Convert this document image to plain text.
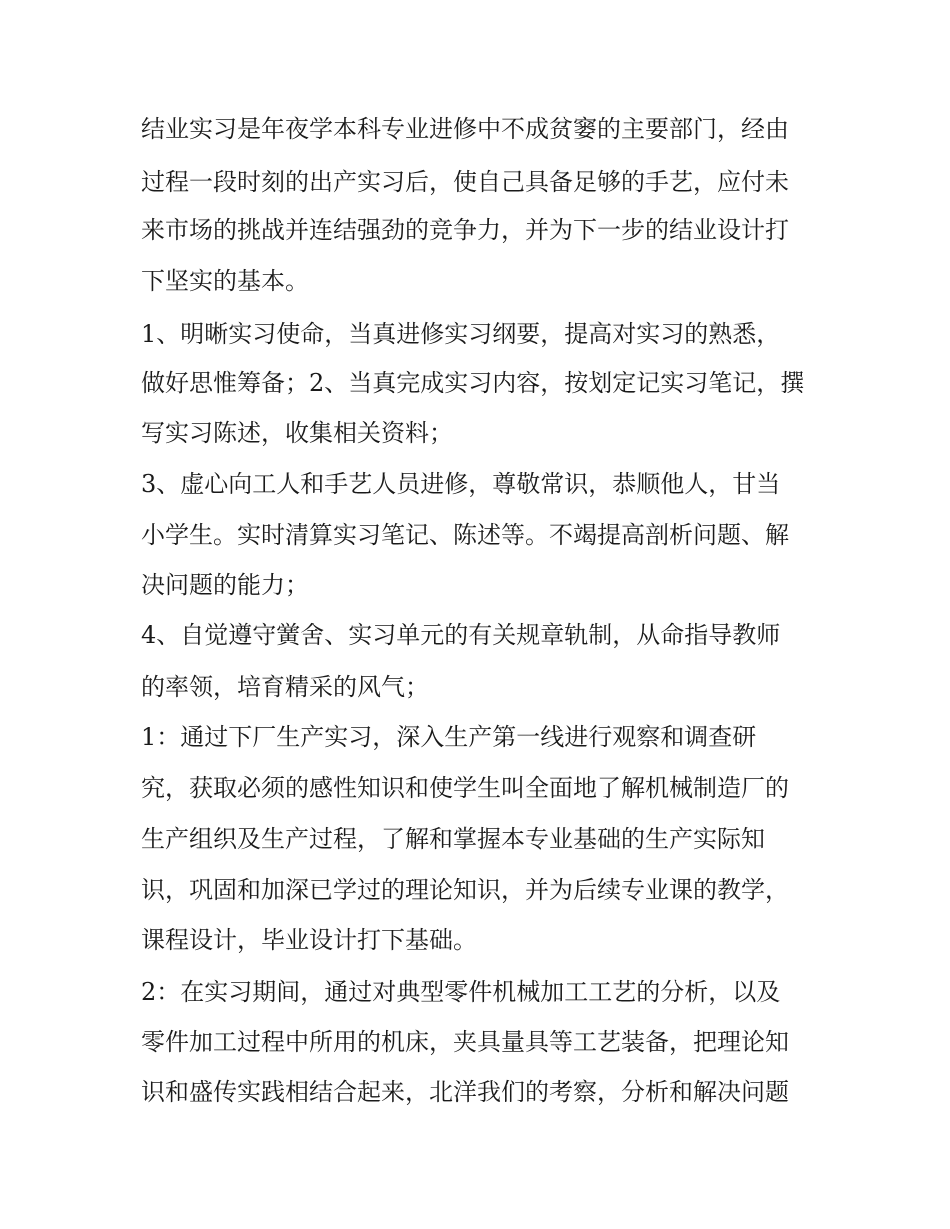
结业实习是年夜学本科专业进修中不成贫窭的主要部门，经由
过程一段时刻的出产实习后，使自己具备足够的手艺，应付未
来市场的挑战并连结强劲的竞争力，并为下一步的结业设计打
下坚实的基本。
1、明晰实习使命，当真进修实习纲要，提高对实习的熟悉，
做好思惟筹备；2、当真完成实习内容，按划定记实习笔记，撰
写实习陈述，收集相关资料；
3、虚心向工人和手艺人员进修，尊敬常识，恭顺他人，甘当
小学生。实时清算实习笔记、陈述等。不竭提高剖析问题、解
决问题的能力；
4、自觉遵守黉舍、实习单元的有关规章轨制，从命指导教师
的率领，培育精采的风气；
1：通过下厂生产实习，深入生产第一线进行观察和调查研
究，获取必须的感性知识和使学生叫全面地了解机械制造厂的
生产组织及生产过程，了解和掌握本专业基础的生产实际知
识，巩固和加深已学过的理论知识，并为后续专业课的教学，
课程设计，毕业设计打下基础。
2：在实习期间，通过对典型零件机械加工工艺的分析，以及
零件加工过程中所用的机床，夹具量具等工艺装备，把理论知
识和盛传实践相结合起来，北洋我们的考察，分析和解决问题
